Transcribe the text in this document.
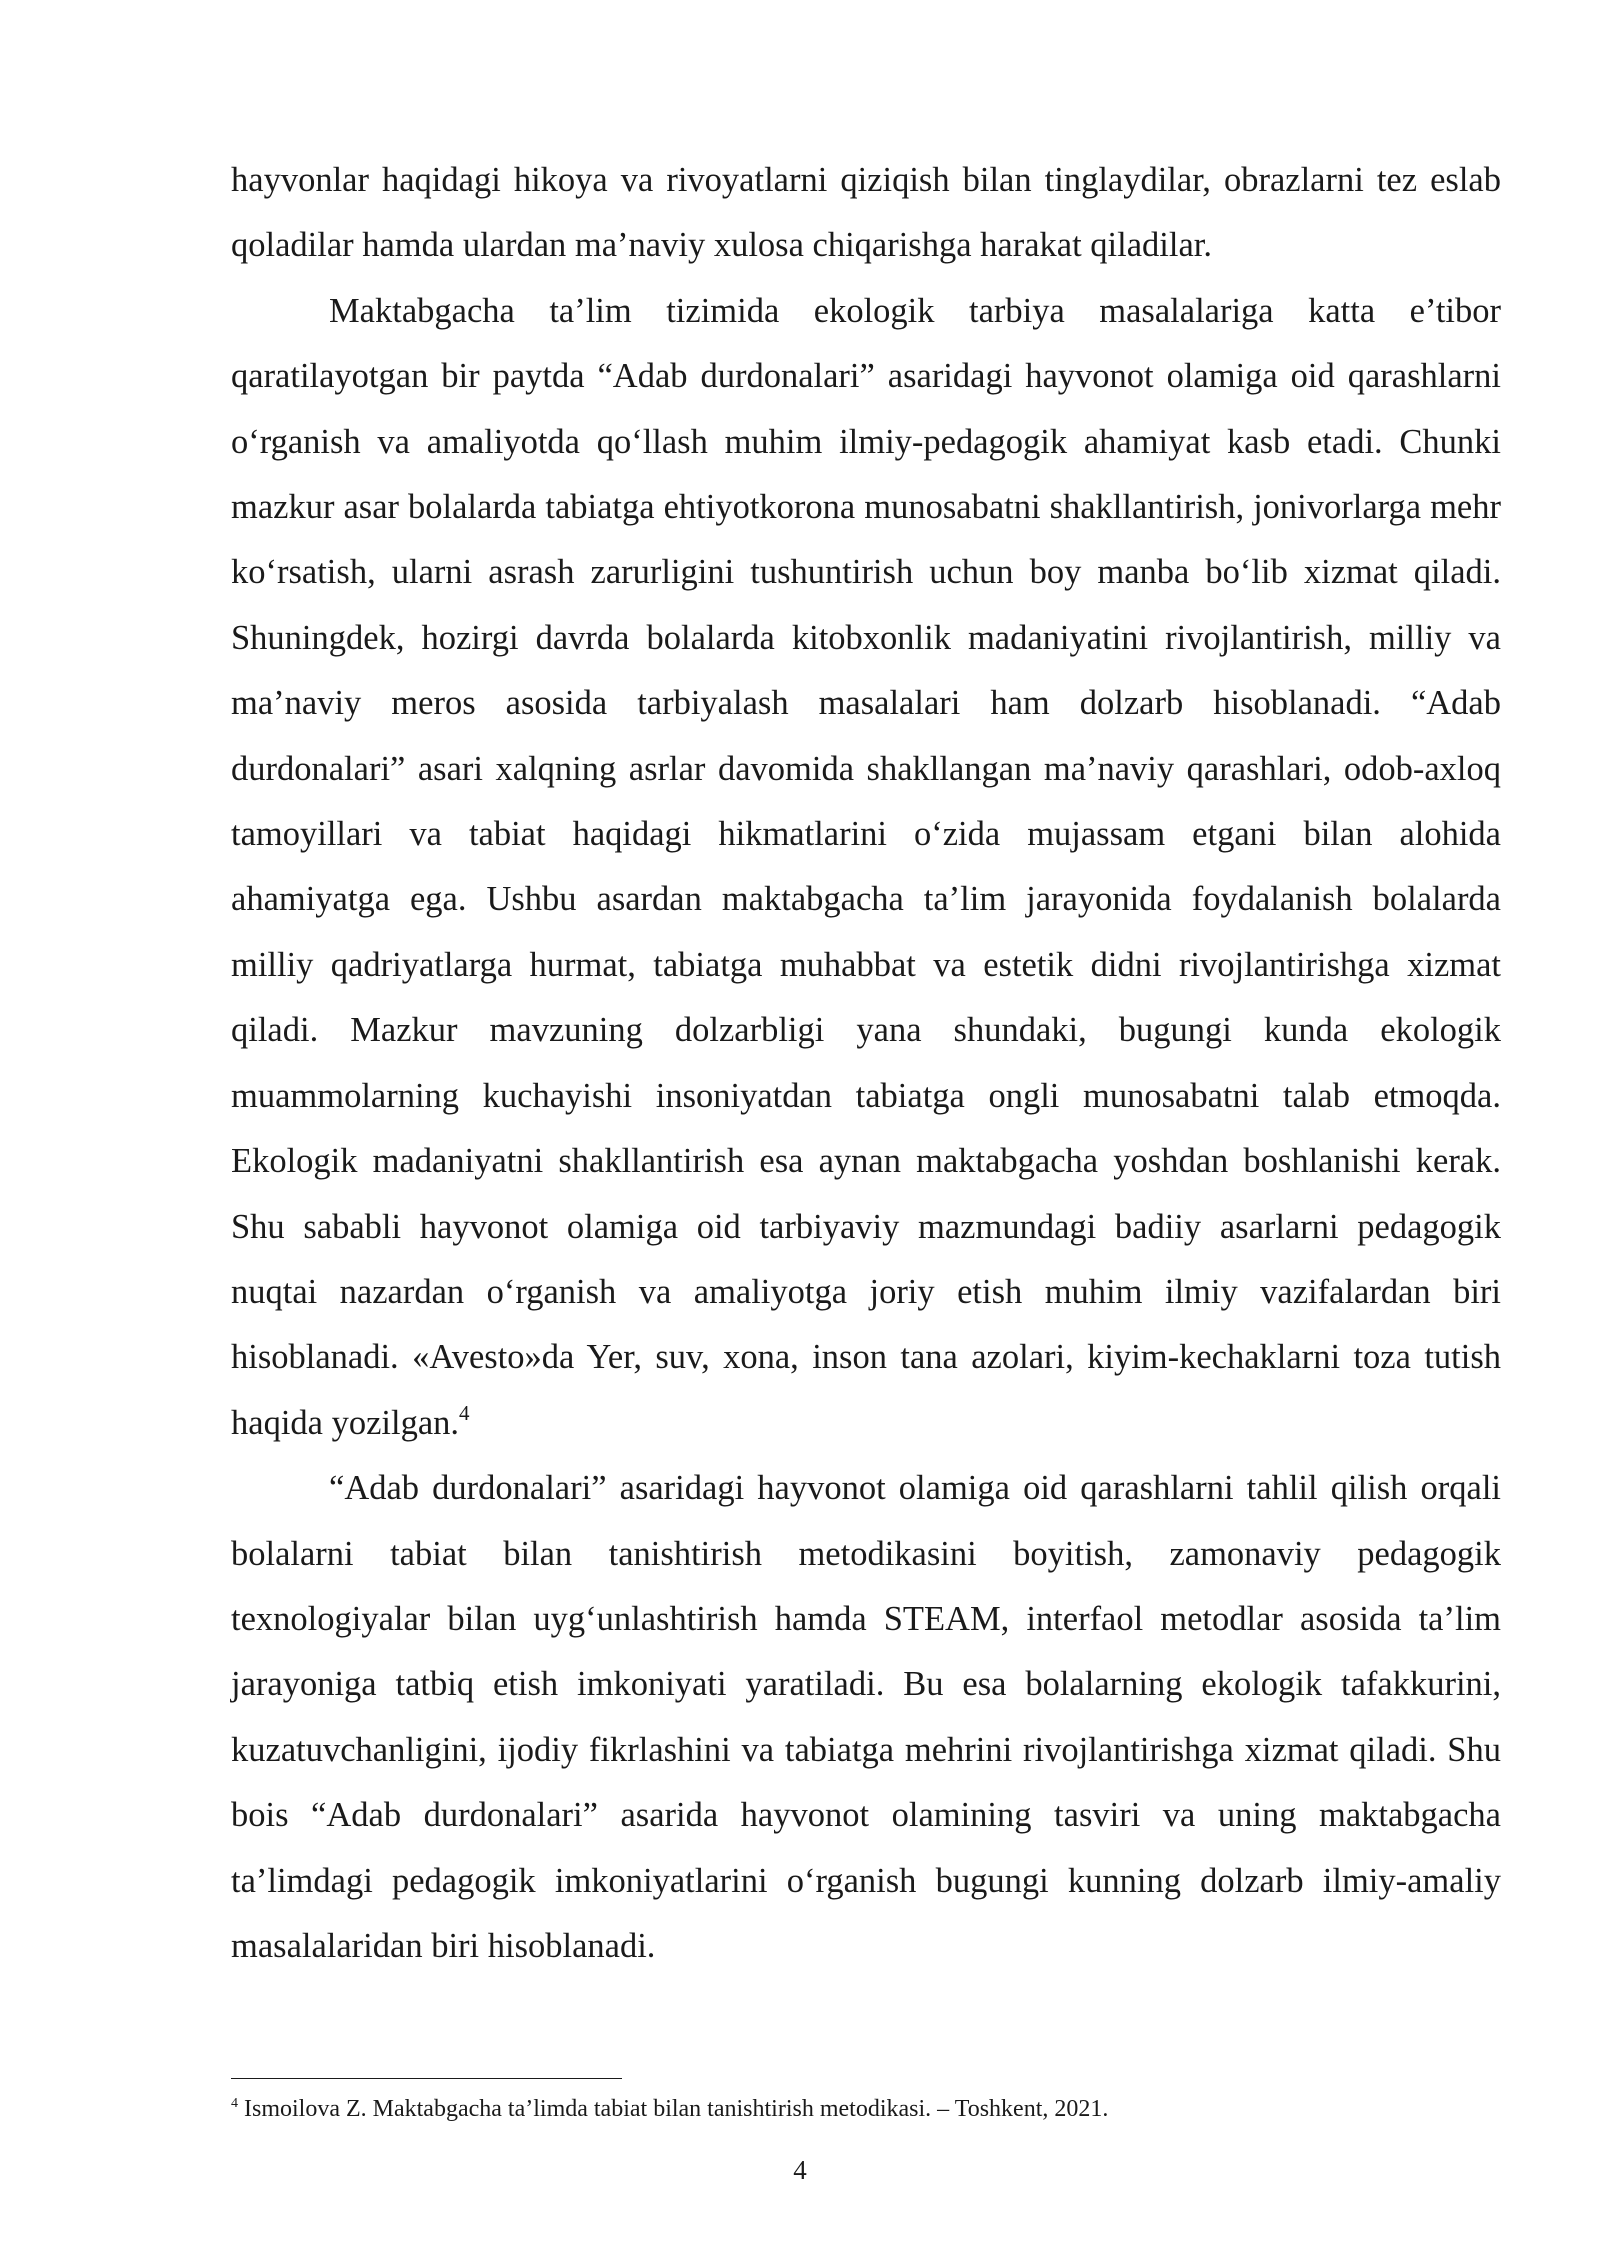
hayvonlar haqidagi hikoya va rivoyatlarni qiziqish bilan tinglaydilar, obrazlarni tez eslab qoladilar hamda ulardan ma’naviy xulosa chiqarishga harakat qiladilar.

Maktabgacha ta’lim tizimida ekologik tarbiya masalalariga katta e’tibor qaratilayotgan bir paytda “Adab durdonalari” asaridagi hayvonot olamiga oid qarashlarni o‘rganish va amaliyotda qo‘llash muhim ilmiy-pedagogik ahamiyat kasb etadi. Chunki mazkur asar bolalarda tabiatga ehtiyotkorona munosabatni shakllantirish, jonivorlarga mehr ko‘rsatish, ularni asrash zarurligini tushuntirish uchun boy manba bo‘lib xizmat qiladi. Shuningdek, hozirgi davrda bolalarda kitobxonlik madaniyatini rivojlantirish, milliy va ma’naviy meros asosida tarbiyalash masalalari ham dolzarb hisoblanadi. “Adab durdonalari” asari xalqning asrlar davomida shakllangan ma’naviy qarashlari, odob-axloq tamoyillari va tabiat haqidagi hikmatlarini o‘zida mujassam etgani bilan alohida ahamiyatga ega. Ushbu asardan maktabgacha ta’lim jarayonida foydalanish bolalarda milliy qadriyatlarga hurmat, tabiatga muhabbat va estetik didni rivojlantirishga xizmat qiladi. Mazkur mavzuning dolzarbligi yana shundaki, bugungi kunda ekologik muammolarning kuchayishi insoniyatdan tabiatga ongli munosabatni talab etmoqda. Ekologik madaniyatni shakllantirish esa aynan maktabgacha yoshdan boshlanishi kerak. Shu sababli hayvonot olamiga oid tarbiyaviy mazmundagi badiiy asarlarni pedagogik nuqtai nazardan o‘rganish va amaliyotga joriy etish muhim ilmiy vazifalardan biri hisoblanadi. «Avesto»da Yer, suv, xona, inson tana azolari, kiyim-kechaklarni toza tutish haqida yozilgan.$^4$

“Adab durdonalari” asaridagi hayvonot olamiga oid qarashlarni tahlil qilish orqali bolalarni tabiat bilan tanishtirish metodikasini boyitish, zamonaviy pedagogik texnologiyalar bilan uyg‘unlashtirish hamda STEAM, interfaol metodlar asosida ta’lim jarayoniga tatbiq etish imkoniyati yaratiladi. Bu esa bolalarning ekologik tafakkurini, kuzatuvchanligini, ijodiy fikrlashini va tabiatga mehrini rivojlantirishga xizmat qiladi. Shu bois “Adab durdonalari” asarida hayvonot olamining tasviri va uning maktabgacha ta’limdagi pedagogik imkoniyatlarini o‘rganish bugungi kunning dolzarb ilmiy-amaliy masalalaridan biri hisoblanadi.

$^4$ Ismoilova Z. Maktabgacha ta’limda tabiat bilan tanishtirish metodikasi. – Toshkent, 2021.
4
